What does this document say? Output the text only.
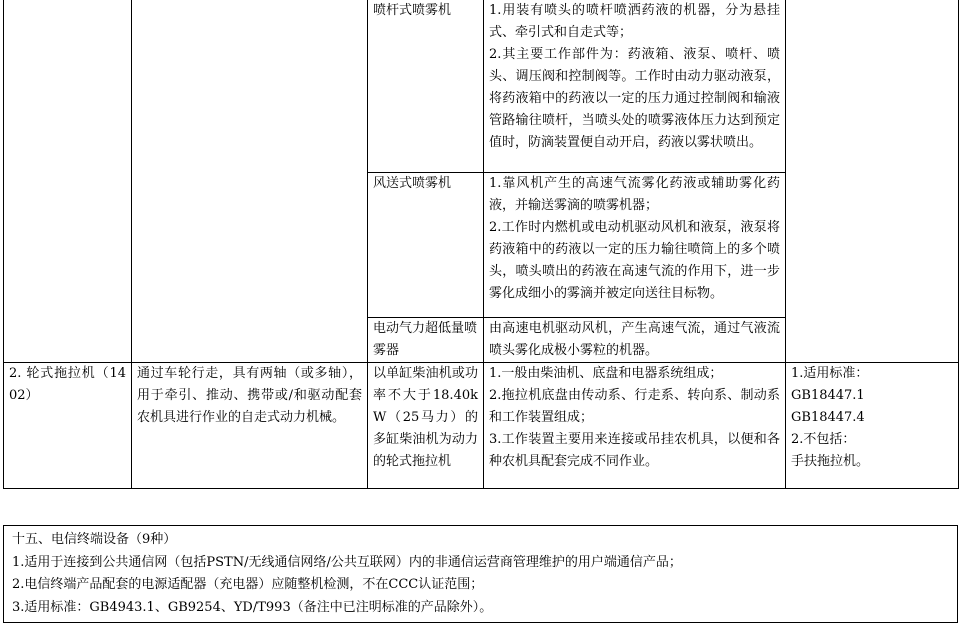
		喷杆式喷雾机	1.用装有喷头的喷杆喷洒药液的机器，分为悬挂式、牵引式和自走式等；
2.其主要工作部件为：药液箱、液泵、喷杆、喷头、调压阀和控制阀等。工作时由动力驱动液泵，将药液箱中的药液以一定的压力通过控制阀和输液管路输往喷杆，当喷头处的喷雾液体压力达到预定值时，防滴装置便自动开启，药液以雾状喷出。	

		风送式喷雾机	1.靠风机产生的高速气流雾化药液或辅助雾化药液，并输送雾滴的喷雾机器；
2.工作时内燃机或电动机驱动风机和液泵，液泵将药液箱中的药液以一定的压力输往喷筒上的多个喷头，喷头喷出的药液在高速气流的作用下，进一步雾化成细小的雾滴并被定向送往目标物。	

		电动气力超低量喷雾器	由高速电机驱动风机，产生高速气流，通过气液流喷头雾化成极小雾粒的机器。	

2. 轮式拖拉机（1402）	通过车轮行走，具有两轴（或多轴），用于牵引、推动、携带或/和驱动配套农机具进行作业的自走式动力机械。	以单缸柴油机或功率不大于18.40kW（25马力）的多缸柴油机为动力的轮式拖拉机	1.一般由柴油机、底盘和电器系统组成；
2.拖拉机底盘由传动系、行走系、转向系、制动系和工作装置组成；
3.工作装置主要用来连接或吊挂农机具，以便和各种农机具配套完成不同作业。	1.适用标准：
GB18447.1
GB18447.4
2.不包括：
手扶拖拉机。
十五、电信终端设备（9种）
1.适用于连接到公共通信网（包括PSTN/无线通信网络/公共互联网）内的非通信运营商管理维护的用户端通信产品；
2.电信终端产品配套的电源适配器（充电器）应随整机检测，不在CCC认证范围；
3.适用标准：GB4943.1、GB9254、YD/T993（备注中已注明标准的产品除外）。
